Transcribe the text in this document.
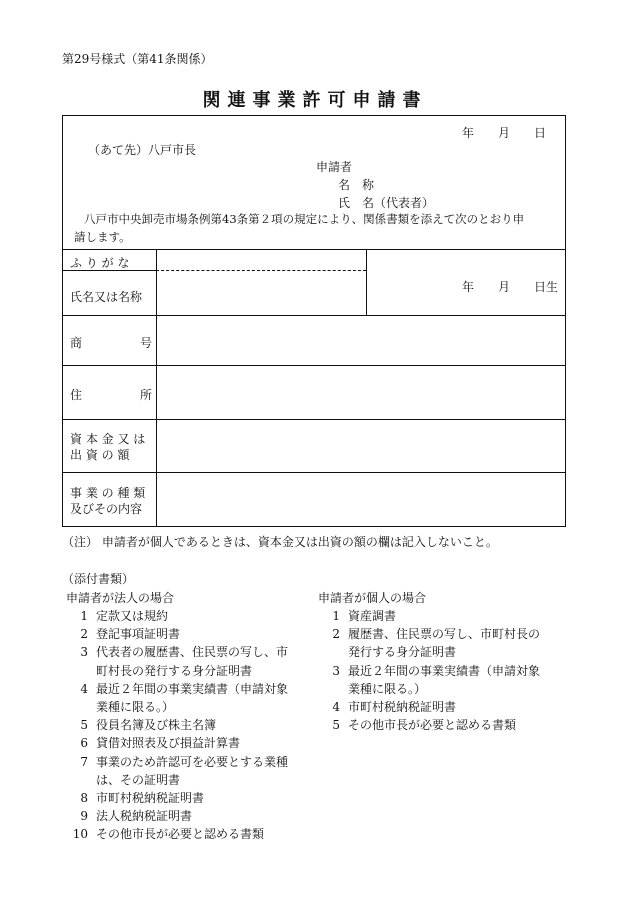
第29号様式（第41条関係）
関連事業許可申請書
年　　月　　日
（あて先）八戸市長
申請者
名　称
氏　名（代表者）
八戸市中央卸売市場条例第43条第２項の規定により、関係書類を添えて次のとおり申
請します。
ふ り が な
氏名又は名称
年　　月　　日生
商	号
住	所
資 本 金 又 は
出 資 の 額
事 業 の 種 類
及びその内容
（注） 申請者が個人であるときは、資本金又は出資の額の欄は記入しないこと。
（添付書類）
申請者が法人の場合	申請者が個人の場合
1 定款又は規約
2 登記事項証明書
3 代表者の履歴書、住民票の写し、市
町村長の発行する身分証明書
4 最近２年間の事業実績書（申請対象
業種に限る。）
5 役員名簿及び株主名簿
6 貸借対照表及び損益計算書
7 事業のため許認可を必要とする業種
は、その証明書
8 市町村税納税証明書
9 法人税納税証明書
10 その他市長が必要と認める書類
1 資産調書
2 履歴書、住民票の写し、市町村長の
発行する身分証明書
3 最近２年間の事業実績書（申請対象
業種に限る。）
4 市町村税納税証明書
5 その他市長が必要と認める書類
